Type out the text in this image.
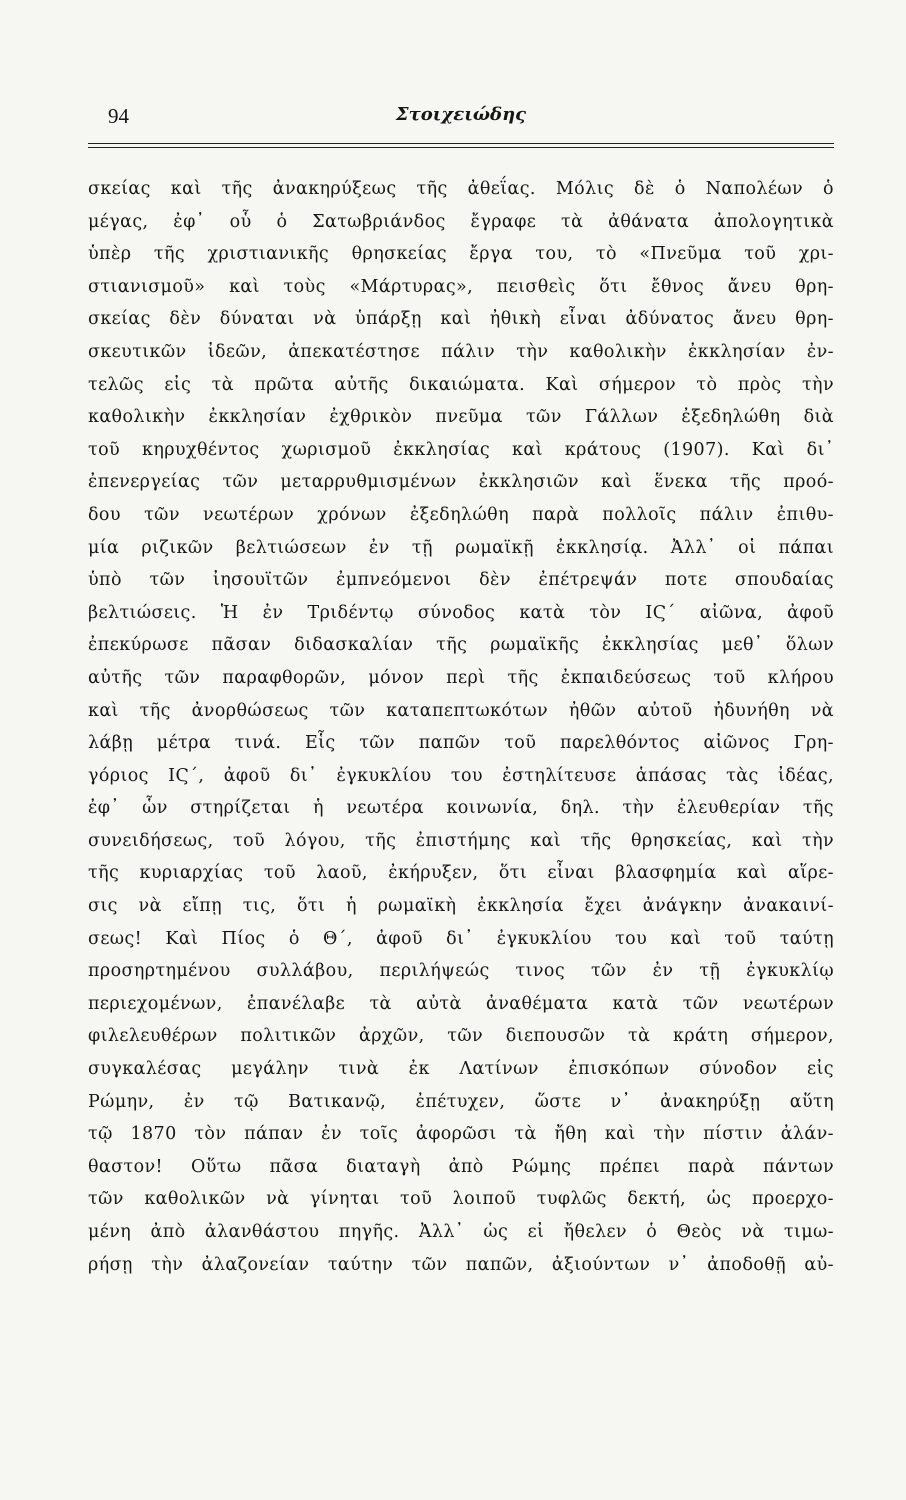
94	Στοιχειώδης
σκείας καὶ τῆς ἀνακηρύξεως τῆς ἀθεΐας. Μόλις δὲ ὁ Ναπολέων ὁ
μέγας, ἐφ᾽ οὗ ὁ Σατωβριάνδος ἔγραφε τὰ ἀθάνατα ἀπολογητικὰ
ὑπὲρ τῆς χριστιανικῆς θρησκείας ἔργα του, τὸ «Πνεῦμα τοῦ χρι-
στιανισμοῦ» καὶ τοὺς «Μάρτυρας», πεισθεὶς ὅτι ἔθνος ἄνευ θρη-
σκείας δὲν δύναται νὰ ὑπάρξῃ καὶ ἠθικὴ εἶναι ἀδύνατος ἄνευ θρη-
σκευτικῶν ἰδεῶν, ἀπεκατέστησε πάλιν τὴν καθολικὴν ἐκκλησίαν ἐν-
τελῶς εἰς τὰ πρῶτα αὐτῆς δικαιώματα. Καὶ σήμερον τὸ πρὸς τὴν
καθολικὴν ἐκκλησίαν ἐχθρικὸν πνεῦμα τῶν Γάλλων ἐξεδηλώθη διὰ
τοῦ κηρυχθέντος χωρισμοῦ ἐκκλησίας καὶ κράτους (1907). Καὶ δι᾽
ἐπενεργείας τῶν μεταρρυθμισμένων ἐκκλησιῶν καὶ ἕνεκα τῆς προό-
δου τῶν νεωτέρων χρόνων ἐξεδηλώθη παρὰ πολλοῖς πάλιν ἐπιθυ-
μία ριζικῶν βελτιώσεων ἐν τῇ ρωμαϊκῇ ἐκκλησίᾳ. Ἀλλ᾽ οἱ πάπαι
ὑπὸ τῶν ἰησουϊτῶν ἐμπνεόμενοι δὲν ἐπέτρεψάν ποτε σπουδαίας
βελτιώσεις. Ἡ ἐν Τριδέντῳ σύνοδος κατὰ τὸν ΙϚ΄ αἰῶνα, ἀφοῦ
ἐπεκύρωσε πᾶσαν διδασκαλίαν τῆς ρωμαϊκῆς ἐκκλησίας μεθ᾽ ὅλων
αὐτῆς τῶν παραφθορῶν, μόνον περὶ τῆς ἐκπαιδεύσεως τοῦ κλήρου
καὶ τῆς ἀνορθώσεως τῶν καταπεπτωκότων ἠθῶν αὐτοῦ ἠδυνήθη νὰ
λάβῃ μέτρα τινά. Εἷς τῶν παπῶν τοῦ παρελθόντος αἰῶνος Γρη-
γόριος ΙϚ΄, ἀφοῦ δι᾽ ἐγκυκλίου του ἐστηλίτευσε ἁπάσας τὰς ἰδέας,
ἐφ᾽ ὧν στηρίζεται ἡ νεωτέρα κοινωνία, δηλ. τὴν ἐλευθερίαν τῆς
συνειδήσεως, τοῦ λόγου, τῆς ἐπιστήμης καὶ τῆς θρησκείας, καὶ τὴν
τῆς κυριαρχίας τοῦ λαοῦ, ἐκήρυξεν, ὅτι εἶναι βλασφημία καὶ αἵρε-
σις νὰ εἴπῃ τις, ὅτι ἡ ρωμαϊκὴ ἐκκλησία ἔχει ἀνάγκην ἀνακαινί-
σεως! Καὶ Πίος ὁ Θ΄, ἀφοῦ δι᾽ ἐγκυκλίου του καὶ τοῦ ταύτῃ
προσηρτημένου συλλάβου, περιλήψεώς τινος τῶν ἐν τῇ ἐγκυκλίῳ
περιεχομένων, ἐπανέλαβε τὰ αὐτὰ ἀναθέματα κατὰ τῶν νεωτέρων
φιλελευθέρων πολιτικῶν ἀρχῶν, τῶν διεπουσῶν τὰ κράτη σήμερον,
συγκαλέσας μεγάλην τινὰ ἐκ Λατίνων ἐπισκόπων σύνοδον εἰς
Ρώμην, ἐν τῷ Βατικανῷ, ἐπέτυχεν, ὥστε ν᾽ ἀνακηρύξῃ αὕτη
τῷ 1870 τὸν πάπαν ἐν τοῖς ἀφορῶσι τὰ ἤθη καὶ τὴν πίστιν ἀλάν-
θαστον! Οὕτω πᾶσα διαταγὴ ἀπὸ Ρώμης πρέπει παρὰ πάντων
τῶν καθολικῶν νὰ γίνηται τοῦ λοιποῦ τυφλῶς δεκτή, ὡς προερχο-
μένη ἀπὸ ἀλανθάστου πηγῆς. Ἀλλ᾽ ὡς εἰ ἤθελεν ὁ Θεὸς νὰ τιμω-
ρήσῃ τὴν ἀλαζονείαν ταύτην τῶν παπῶν, ἀξιούντων ν᾽ ἀποδοθῇ αὐ-
